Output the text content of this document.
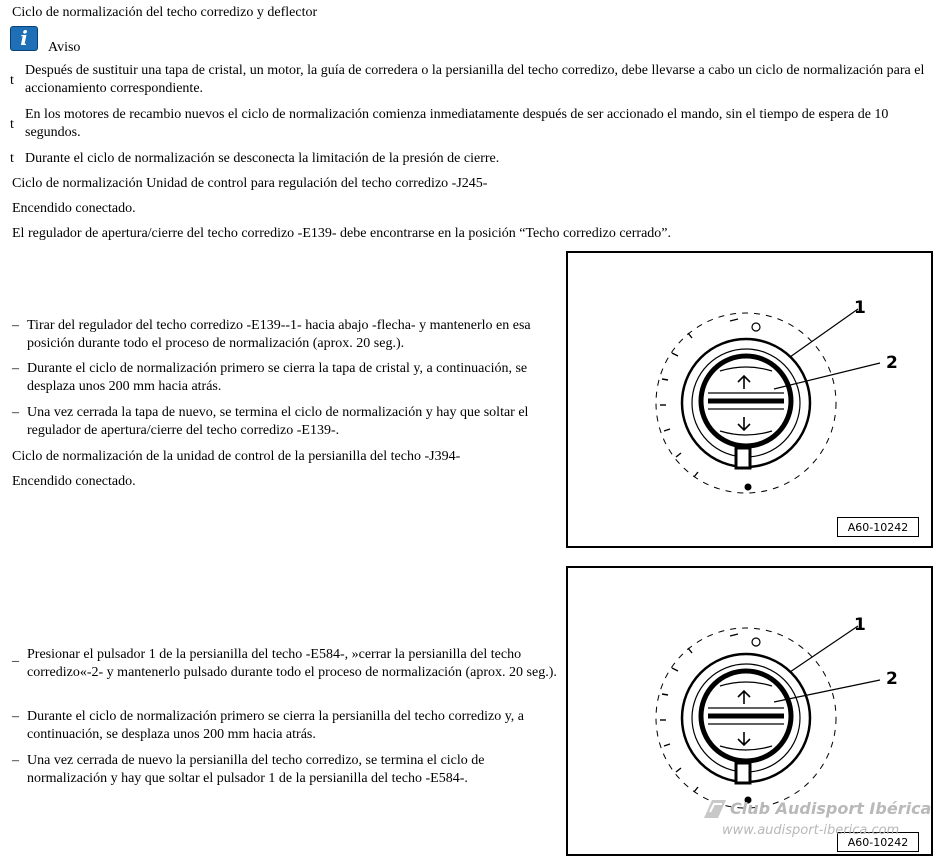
Ciclo de normalización del techo corredizo y deflector
i	Aviso
t
Después de sustituir una tapa de cristal, un motor, la guía de corredera o la persianilla del techo corredizo, debe llevarse a cabo un ciclo de normalización para el accionamiento correspondiente.
t
En los motores de recambio nuevos el ciclo de normalización comienza inmediatamente después de ser accionado el mando, sin el tiempo de espera de 10 segundos.
t Durante el ciclo de normalización se desconecta la limitación de la presión de cierre.
Ciclo de normalización Unidad de control para regulación del techo corredizo -J245-
Encendido conectado.
El regulador de apertura/cierre del techo corredizo -E139- debe encontrarse en la posición “Techo corredizo cerrado”.
– Tirar del regulador del techo corredizo -E139--1- hacia abajo -flecha- y mantenerlo en esa posición durante todo el proceso de normalización (aprox. 20 seg.).
– Durante el ciclo de normalización primero se cierra la tapa de cristal y, a continuación, se desplaza unos 200 mm hacia atrás.
– Una vez cerrada la tapa de nuevo, se termina el ciclo de normalización y hay que soltar el regulador de apertura/cierre del techo corredizo -E139-.
Ciclo de normalización de la unidad de control de la persianilla del techo -J394-
Encendido conectado.
_ Presionar el pulsador 1 de la persianilla del techo -E584-, »cerrar la persianilla del techo corredizo«-2- y mantenerlo pulsado durante todo el proceso de normalización (aprox. 20 seg.).
– Durante el ciclo de normalización primero se cierra la persianilla del techo corredizo y, a continuación, se desplaza unos 200 mm hacia atrás.
– Una vez cerrada de nuevo la persianilla del techo corredizo, se termina el ciclo de normalización y hay que soltar el pulsador 1 de la persianilla del techo -E584-.
1
2
A60-10242
1
2
A60-10242
Club Audisport Ibérica
www.audisport-iberica.com
